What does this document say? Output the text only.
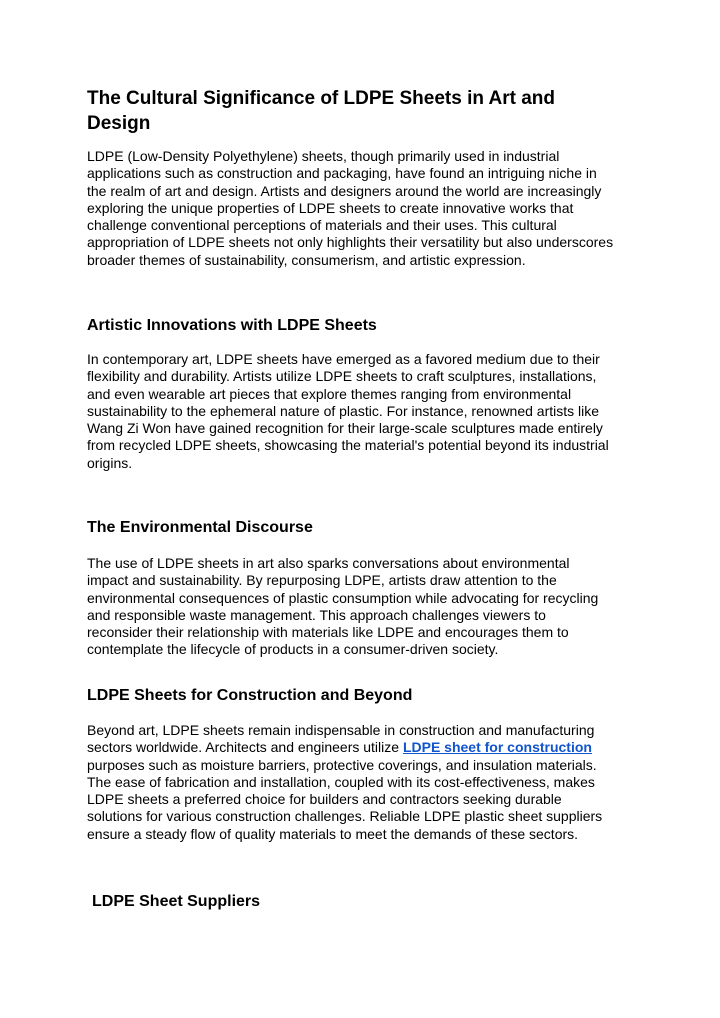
The Cultural Significance of LDPE Sheets in Art and Design
LDPE (Low-Density Polyethylene) sheets, though primarily used in industrial
applications such as construction and packaging, have found an intriguing niche in
the realm of art and design. Artists and designers around the world are increasingly
exploring the unique properties of LDPE sheets to create innovative works that
challenge conventional perceptions of materials and their uses. This cultural
appropriation of LDPE sheets not only highlights their versatility but also underscores
broader themes of sustainability, consumerism, and artistic expression.
Artistic Innovations with LDPE Sheets
In contemporary art, LDPE sheets have emerged as a favored medium due to their
flexibility and durability. Artists utilize LDPE sheets to craft sculptures, installations,
and even wearable art pieces that explore themes ranging from environmental
sustainability to the ephemeral nature of plastic. For instance, renowned artists like
Wang Zi Won have gained recognition for their large-scale sculptures made entirely
from recycled LDPE sheets, showcasing the material's potential beyond its industrial
origins.
The Environmental Discourse
The use of LDPE sheets in art also sparks conversations about environmental
impact and sustainability. By repurposing LDPE, artists draw attention to the
environmental consequences of plastic consumption while advocating for recycling
and responsible waste management. This approach challenges viewers to
reconsider their relationship with materials like LDPE and encourages them to
contemplate the lifecycle of products in a consumer-driven society.
LDPE Sheets for Construction and Beyond
Beyond art, LDPE sheets remain indispensable in construction and manufacturing
sectors worldwide. Architects and engineers utilize LDPE sheet for construction
purposes such as moisture barriers, protective coverings, and insulation materials.
The ease of fabrication and installation, coupled with its cost-effectiveness, makes
LDPE sheets a preferred choice for builders and contractors seeking durable
solutions for various construction challenges. Reliable LDPE plastic sheet suppliers
ensure a steady flow of quality materials to meet the demands of these sectors.
LDPE Sheet Suppliers
